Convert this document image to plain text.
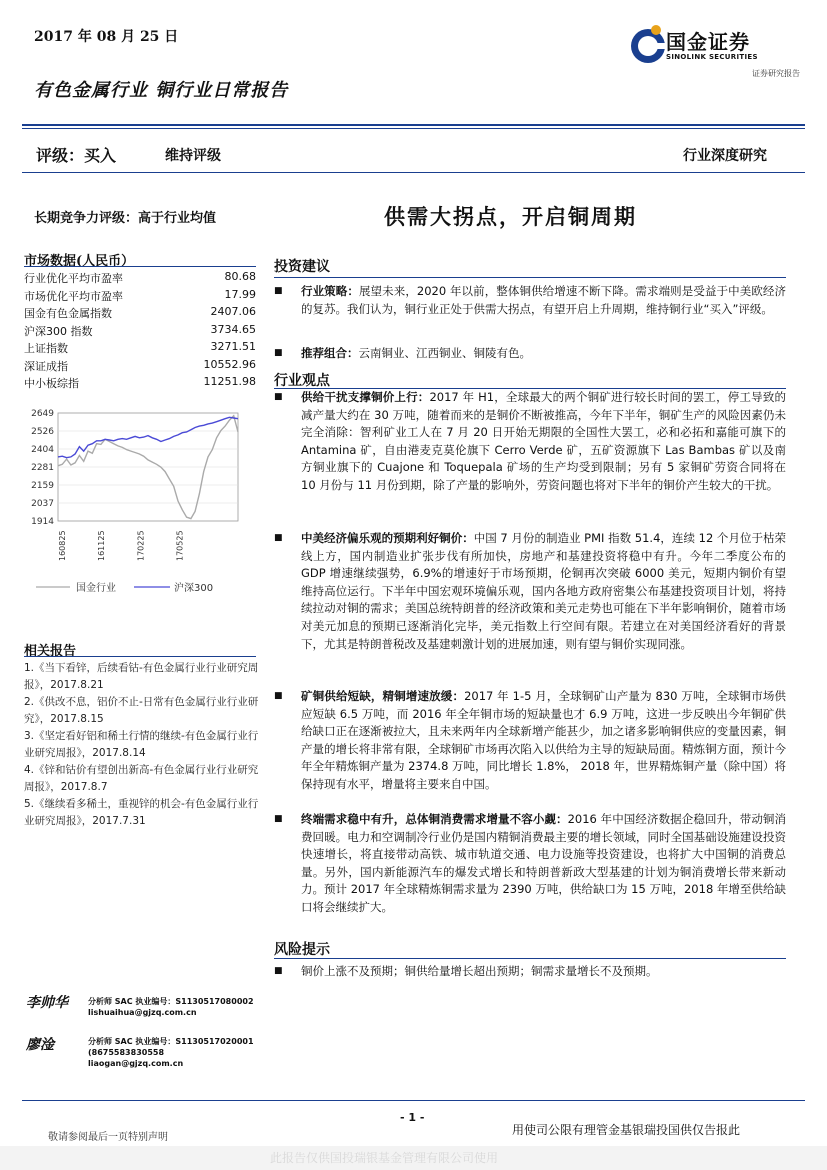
2017 年 08 月 25 日
有色金属行业 铜行业日常报告
国金证券
SINOLINK SECURITIES
证券研究报告
评级：买入	维持评级	行业深度研究
长期竞争力评级：高于行业均值	供需大拐点，开启铜周期
市场数据(人民币）
行业优化平均市盈率	80.68
市场优化平均市盈率	17.99
国金有色金属指数	2407.06
沪深300 指数	3734.65
上证指数	3271.51
深证成指	10552.96
中小板综指	11251.98
2649
2526
2404
2281
2159
2037
1914
160825	161125	170225	170525
国金行业	沪深300
相关报告
1.《当下看锌，后续看钴-有色金属行业行业研究周报》，2017.8.21
2.《供改不息，铝价不止-日常有色金属行业行业研究》，2017.8.15
3.《坚定看好铝和稀土行情的继续-有色金属行业行业研究周报》，2017.8.14
4.《锌和钴价有望创出新高-有色金属行业行业研究周报》，2017.8.7
5.《继续看多稀土，重视锌的机会-有色金属行业行业研究周报》，2017.7.31
李帅华	分析师 SAC 执业编号：S1130517080002
lishuaihua@gjzq.com.cn
廖淦	分析师 SAC 执业编号：S1130517020001
(8675583830558
liaogan@gjzq.com.cn
投资建议
■ 行业策略：展望未来，2020 年以前，整体铜供给增速不断下降。需求端则是受益于中美欧经济的复苏。我们认为，铜行业正处于供需大拐点，有望开启上升周期，维持铜行业“买入”评级。
■ 推荐组合：云南铜业、江西铜业、铜陵有色。
行业观点
■ 供给干扰支撑铜价上行：2017 年 H1，全球最大的两个铜矿进行较长时间的罢工，停工导致的减产量大约在 30 万吨，随着而来的是铜价不断被推高，今年下半年，铜矿生产的风险因素仍未完全消除：智利矿业工人在 7 月 20 日开始无期限的全国性大罢工，必和必拓和嘉能可旗下的 Antamina 矿，自由港麦克莫伦旗下 Cerro Verde 矿，五矿资源旗下 Las Bambas 矿以及南方铜业旗下的 Cuajone 和 Toquepala 矿场的生产均受到限制；另有 5 家铜矿劳资合同将在 10 月份与 11 月份到期，除了产量的影响外，劳资问题也将对下半年的铜价产生较大的干扰。
■ 中美经济偏乐观的预期利好铜价：中国 7 月份的制造业 PMI 指数 51.4，连续 12 个月位于枯荣线上方，国内制造业扩张步伐有所加快，房地产和基建投资将稳中有升。今年二季度公布的 GDP 增速继续强势，6.9%的增速好于市场预期，伦铜再次突破 6000 美元，短期内铜价有望维持高位运行。下半年中国宏观环境偏乐观，国内各地方政府密集公布基建投资项目计划，将持续拉动对铜的需求；美国总统特朗普的经济政策和美元走势也可能在下半年影响铜价，随着市场对美元加息的预期已逐渐消化完毕，美元指数上行空间有限。若建立在对美国经济看好的背景下，尤其是特朗普税改及基建刺激计划的进展加速，则有望与铜价实现同涨。
■ 矿铜供给短缺，精铜增速放缓：2017 年 1-5 月，全球铜矿山产量为 830 万吨，全球铜市场供应短缺 6.5 万吨，而 2016 年全年铜市场的短缺量也才 6.9 万吨，这进一步反映出今年铜矿供给缺口正在逐渐被拉大，且未来两年内全球新增产能甚少，加之诸多影响铜供应的变量因素，铜产量的增长将非常有限，全球铜矿市场再次陷入以供给为主导的短缺局面。精炼铜方面，预计今年全年精炼铜产量为 2374.8 万吨，同比增长 1.8%， 2018 年，世界精炼铜产量（除中国）将保持现有水平，增量将主要来自中国。
■ 终端需求稳中有升，总体铜消费需求增量不容小觑：2016 年中国经济数据企稳回升，带动铜消费回暖。电力和空调制冷行业仍是国内精铜消费最主要的增长领域，同时全国基础设施建设投资快速增长，将直接带动高铁、城市轨道交通、电力设施等投资建设，也将扩大中国铜的消费总量。另外，国内新能源汽车的爆发式增长和特朗普新政大型基建的计划为铜消费增长带来新动力。预计 2017 年全球精炼铜需求量为 2390 万吨，供给缺口为 15 万吨，2018 年增至供给缺口将会继续扩大。
风险提示
■ 铜价上涨不及预期；铜供给量增长超出预期；铜需求量增长不及预期。
- 1 -
敬请参阅最后一页特别声明
用使司公限有理管金基银瑞投国供仅告报此
此报告仅供国投瑞银基金管理有限公司使用
